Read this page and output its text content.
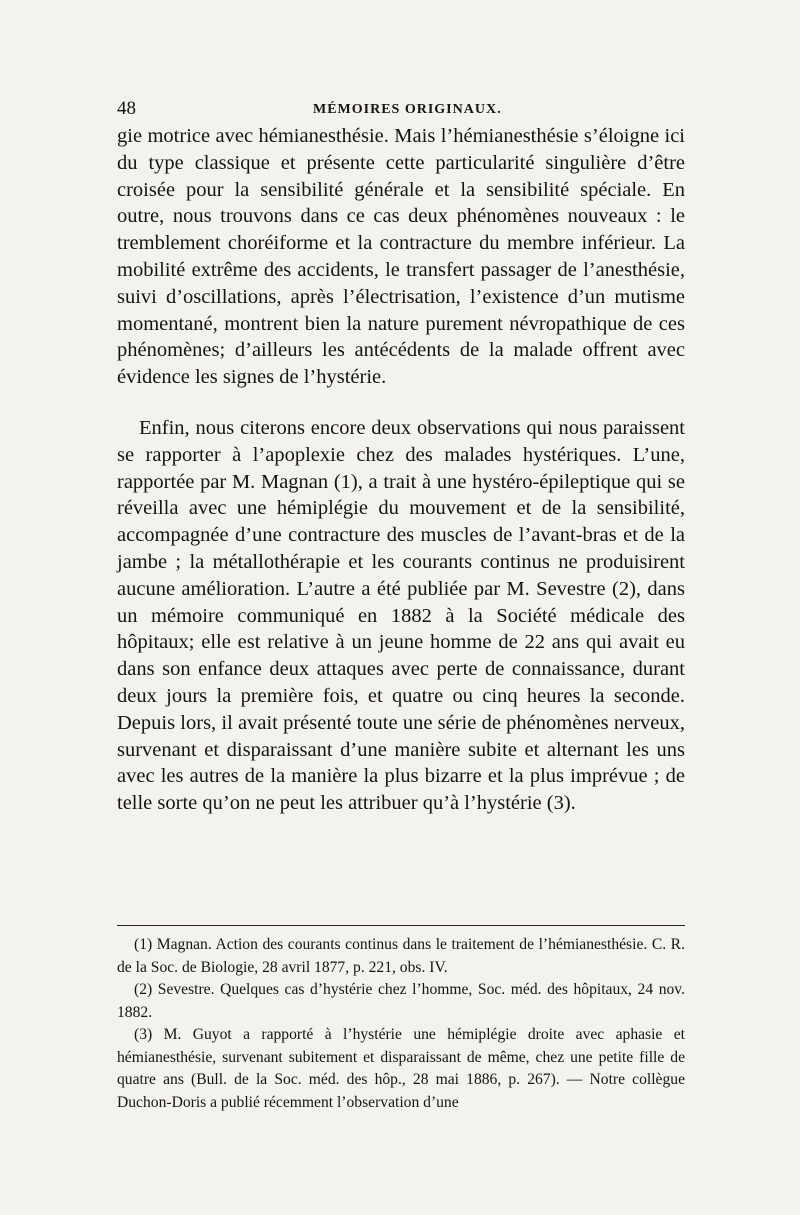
48	MÉMOIRES ORIGINAUX.

gie motrice avec hémianesthésie. Mais l’hémianesthésie s’éloigne ici du type classique et présente cette particularité singulière d’être croisée pour la sensibilité générale et la sensibilité spéciale. En outre, nous trouvons dans ce cas deux phénomènes nouveaux : le tremblement choréiforme et la contracture du membre inférieur. La mobilité extrême des accidents, le transfert passager de l’anesthésie, suivi d’oscillations, après l’électrisation, l’existence d’un mutisme momentané, montrent bien la nature purement névropathique de ces phénomènes; d’ailleurs les antécédents de la malade offrent avec évidence les signes de l’hystérie.

Enfin, nous citerons encore deux observations qui nous paraissent se rapporter à l’apoplexie chez des malades hystériques. L’une, rapportée par M. Magnan (1), a trait à une hystéro-épileptique qui se réveilla avec une hémiplégie du mouvement et de la sensibilité, accompagnée d’une contracture des muscles de l’avant-bras et de la jambe ; la métallothérapie et les courants continus ne produisirent aucune amélioration. L’autre a été publiée par M. Sevestre (2), dans un mémoire communiqué en 1882 à la Société médicale des hôpitaux; elle est relative à un jeune homme de 22 ans qui avait eu dans son enfance deux attaques avec perte de connaissance, durant deux jours la première fois, et quatre ou cinq heures la seconde. Depuis lors, il avait présenté toute une série de phénomènes nerveux, survenant et disparaissant d’une manière subite et alternant les uns avec les autres de la manière la plus bizarre et la plus imprévue ; de telle sorte qu’on ne peut les attribuer qu’à l’hystérie (3).

(1) Magnan. Action des courants continus dans le traitement de l’hémianesthésie. C. R. de la Soc. de Biologie, 28 avril 1877, p. 221, obs. IV.

(2) Sevestre. Quelques cas d’hystérie chez l’homme, Soc. méd. des hôpitaux, 24 nov. 1882.

(3) M. Guyot a rapporté à l’hystérie une hémiplégie droite avec aphasie et hémianesthésie, survenant subitement et disparaissant de même, chez une petite fille de quatre ans (Bull. de la Soc. méd. des hôp., 28 mai 1886, p. 267). — Notre collègue Duchon-Doris a publié récemment l’observation d’une
